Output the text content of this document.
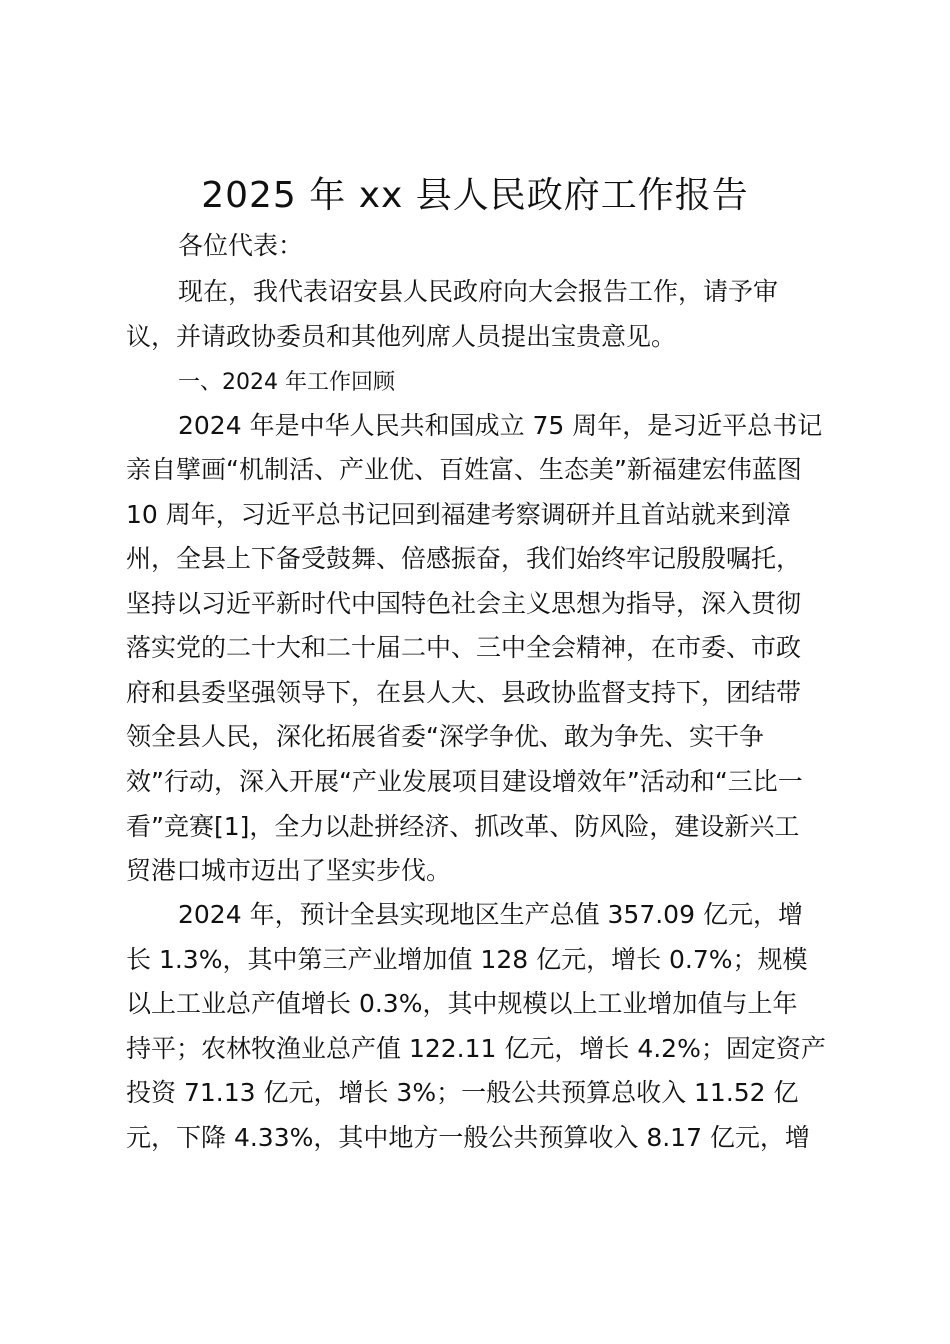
2025 年 xx 县人民政府工作报告
各位代表：
现在，我代表诏安县人民政府向大会报告工作，请予审
议，并请政协委员和其他列席人员提出宝贵意见。
一、2024 年工作回顾
2024 年是中华人民共和国成立 75 周年，是习近平总书记
亲自擘画“机制活、产业优、百姓富、生态美”新福建宏伟蓝图
10 周年，习近平总书记回到福建考察调研并且首站就来到漳
州，全县上下备受鼓舞、倍感振奋，我们始终牢记殷殷嘱托，
坚持以习近平新时代中国特色社会主义思想为指导，深入贯彻
落实党的二十大和二十届二中、三中全会精神，在市委、市政
府和县委坚强领导下，在县人大、县政协监督支持下，团结带
领全县人民，深化拓展省委“深学争优、敢为争先、实干争
效”行动，深入开展“产业发展项目建设增效年”活动和“三比一
看”竞赛[1]，全力以赴拼经济、抓改革、防风险，建设新兴工
贸港口城市迈出了坚实步伐。
2024 年，预计全县实现地区生产总值 357.09 亿元，增
长 1.3%，其中第三产业增加值 128 亿元，增长 0.7%；规模
以上工业总产值增长 0.3%，其中规模以上工业增加值与上年
持平；农林牧渔业总产值 122.11 亿元，增长 4.2%；固定资产
投资 71.13 亿元，增长 3%；一般公共预算总收入 11.52 亿
元，下降 4.33%，其中地方一般公共预算收入 8.17 亿元，增
